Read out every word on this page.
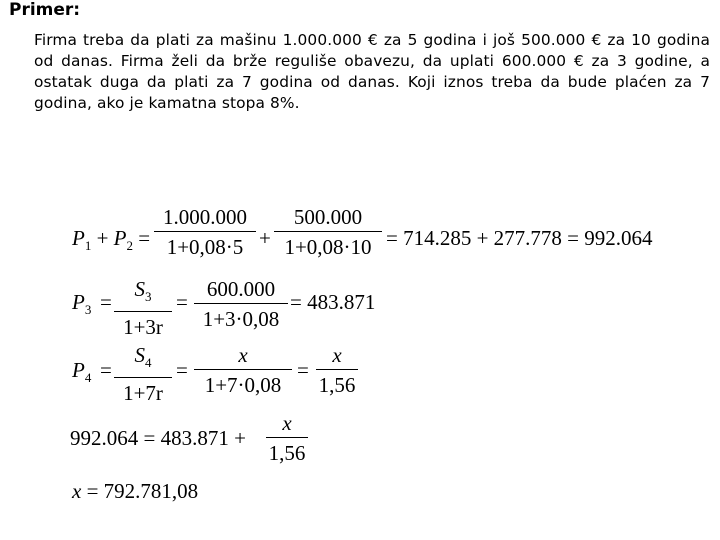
Primer:
Firma treba da plati za mašinu 1.000.000 € za 5 godina i još 500.000 € za 10 godina od danas. Firma želi da brže reguliše obavezu, da uplati 600.000 € za 3 godine, a ostatak duga da plati za 7 godina od danas. Koji iznos treba da bude plaćen za 7 godina, ako je kamatna stopa 8%.
$P_1 + P_2$ =
1.000.000
1+0,08·5 +
500.000
1+0,08·10 = 714.285 + 277.778 = 992.064
$P_3$ =
$S_3$
1+3r
=
600.000
1+3·0,08
= 483.871
$P_4$ =
$S_4$
1+7r
=
x
1+7·0,08
=
x
1,56
992.064 = 483.871 +
x
1,56
x = 792.781,08
